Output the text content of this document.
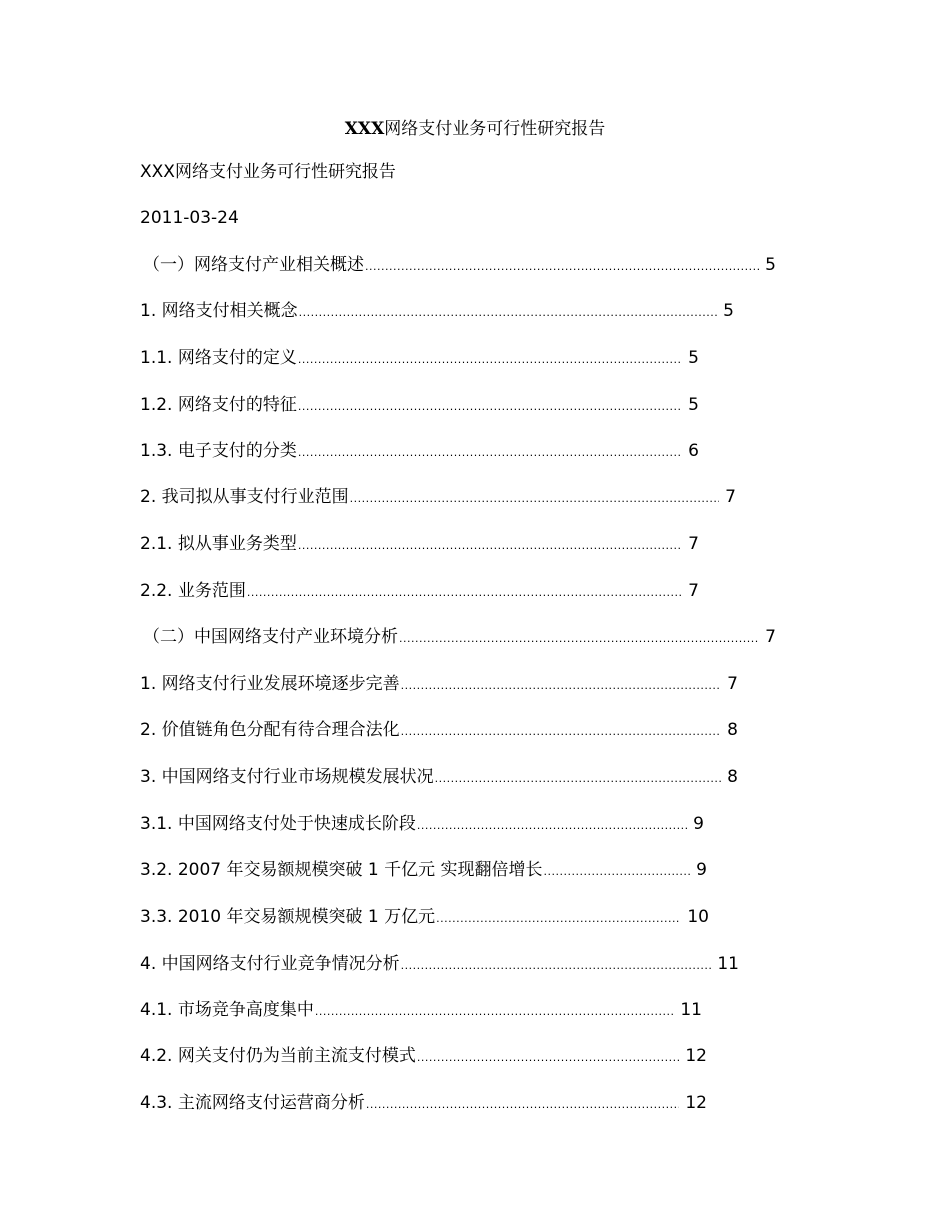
XXX网络支付业务可行性研究报告
XXX网络支付业务可行性研究报告
2011-03-24
（一）网络支付产业相关概述 .....	5
1. 网络支付相关概念 .....	5
1.1. 网络支付的定义 .....	5
1.2. 网络支付的特征 .....	5
1.3. 电子支付的分类 .....	6
2. 我司拟从事支付行业范围 .....	7
2.1. 拟从事业务类型 .....	7
2.2. 业务范围 .....	7
（二）中国网络支付产业环境分析 .....	7
1. 网络支付行业发展环境逐步完善 .....	7
2. 价值链角色分配有待合理合法化 .....	8
3. 中国网络支付行业市场规模发展状况 .....	8
3.1. 中国网络支付处于快速成长阶段 .....	9
3.2. 2007 年交易额规模突破 1 千亿元 实现翻倍增长 .....	9
3.3. 2010 年交易额规模突破 1 万亿元 .....	10
4. 中国网络支付行业竞争情况分析 .....	11
4.1. 市场竞争高度集中 .....	11
4.2. 网关支付仍为当前主流支付模式 .....	12
4.3. 主流网络支付运营商分析 .....	12
